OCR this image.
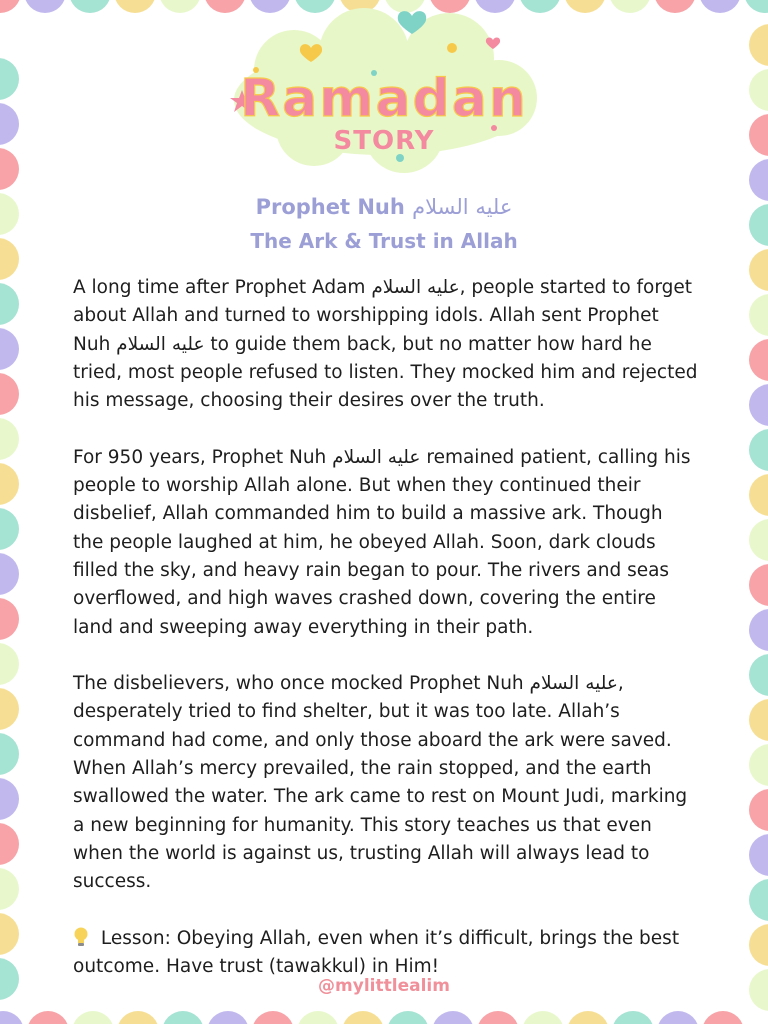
Ramadan
STORY
Prophet Nuh عليه السلام
The Ark & Trust in Allah

A long time after Prophet Adam عليه السلام, people started to forget about Allah and turned to worshipping idols. Allah sent Prophet Nuh عليه السلام to guide them back, but no matter how hard he tried, most people refused to listen. They mocked him and rejected his message, choosing their desires over the truth.

For 950 years, Prophet Nuh عليه السلام remained patient, calling his people to worship Allah alone. But when they continued their disbelief, Allah commanded him to build a massive ark. Though the people laughed at him, he obeyed Allah. Soon, dark clouds filled the sky, and heavy rain began to pour. The rivers and seas overflowed, and high waves crashed down, covering the entire land and sweeping away everything in their path.

The disbelievers, who once mocked Prophet Nuh عليه السلام, desperately tried to find shelter, but it was too late. Allah’s command had come, and only those aboard the ark were saved. When Allah’s mercy prevailed, the rain stopped, and the earth swallowed the water. The ark came to rest on Mount Judi, marking a new beginning for humanity. This story teaches us that even when the world is against us, trusting Allah will always lead to success.

Lesson: Obeying Allah, even when it’s difficult, brings the best outcome. Have trust (tawakkul) in Him!

@mylittlealim
